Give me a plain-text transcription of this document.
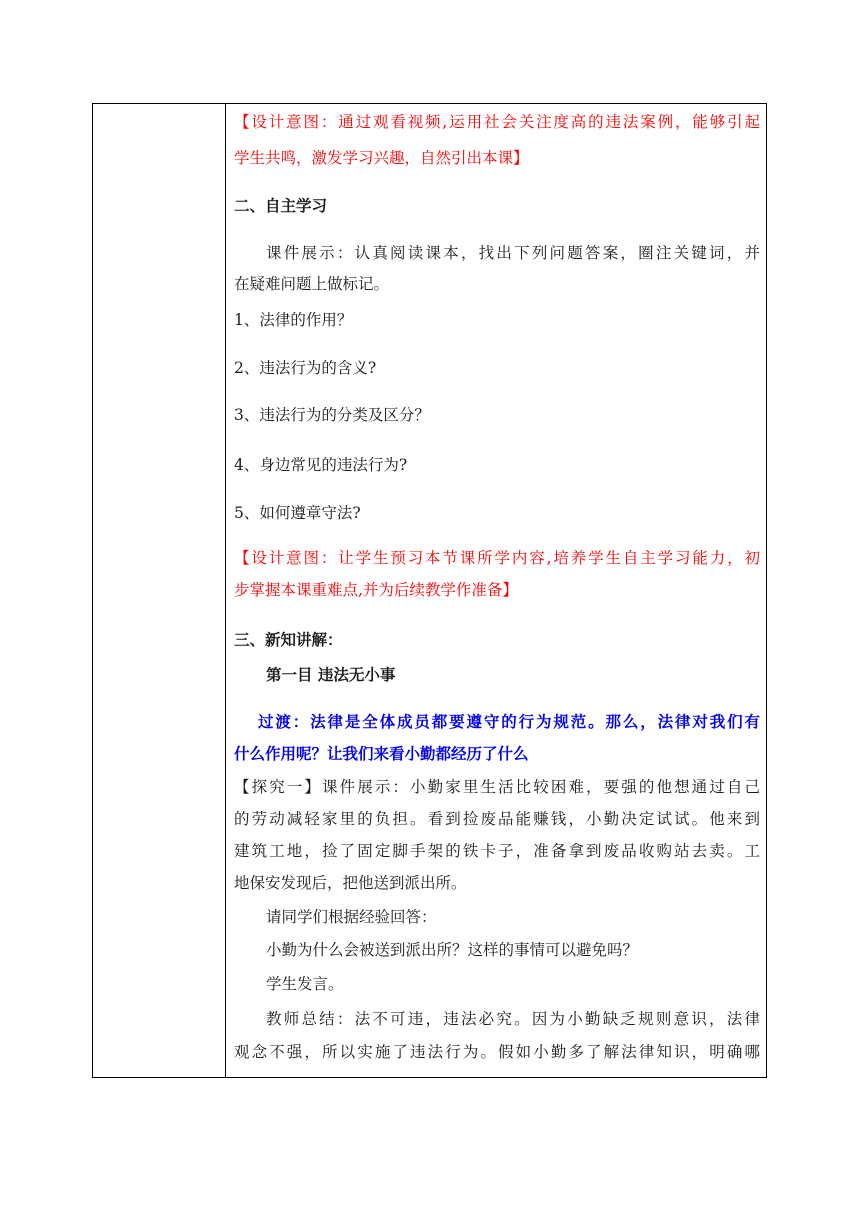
【设计意图：通过观看视频,运用社会关注度高的违法案例，能够引起
学生共鸣，激发学习兴趣，自然引出本课】
二、自主学习
课件展示：认真阅读课本，找出下列问题答案，圈注关键词，并
在疑难问题上做标记。
1、法律的作用？
2、违法行为的含义?
3、违法行为的分类及区分？
4、身边常见的违法行为?
5、如何遵章守法?
【设计意图：让学生预习本节课所学内容,培养学生自主学习能力，初
步掌握本课重难点,并为后续教学作准备】
三、新知讲解：
第一目 违法无小事
过渡：法律是全体成员都要遵守的行为规范。那么，法律对我们有
什么作用呢？让我们来看小勤都经历了什么
【探究一】课件展示：小勤家里生活比较困难，要强的他想通过自己
的劳动减轻家里的负担。看到捡废品能赚钱，小勤决定试试。他来到
建筑工地，捡了固定脚手架的铁卡子，准备拿到废品收购站去卖。工
地保安发现后，把他送到派出所。
请同学们根据经验回答：
小勤为什么会被送到派出所？这样的事情可以避免吗？
学生发言。
教师总结：法不可违，违法必究。因为小勤缺乏规则意识，法律
观念不强，所以实施了违法行为。假如小勤多了解法律知识，明确哪
